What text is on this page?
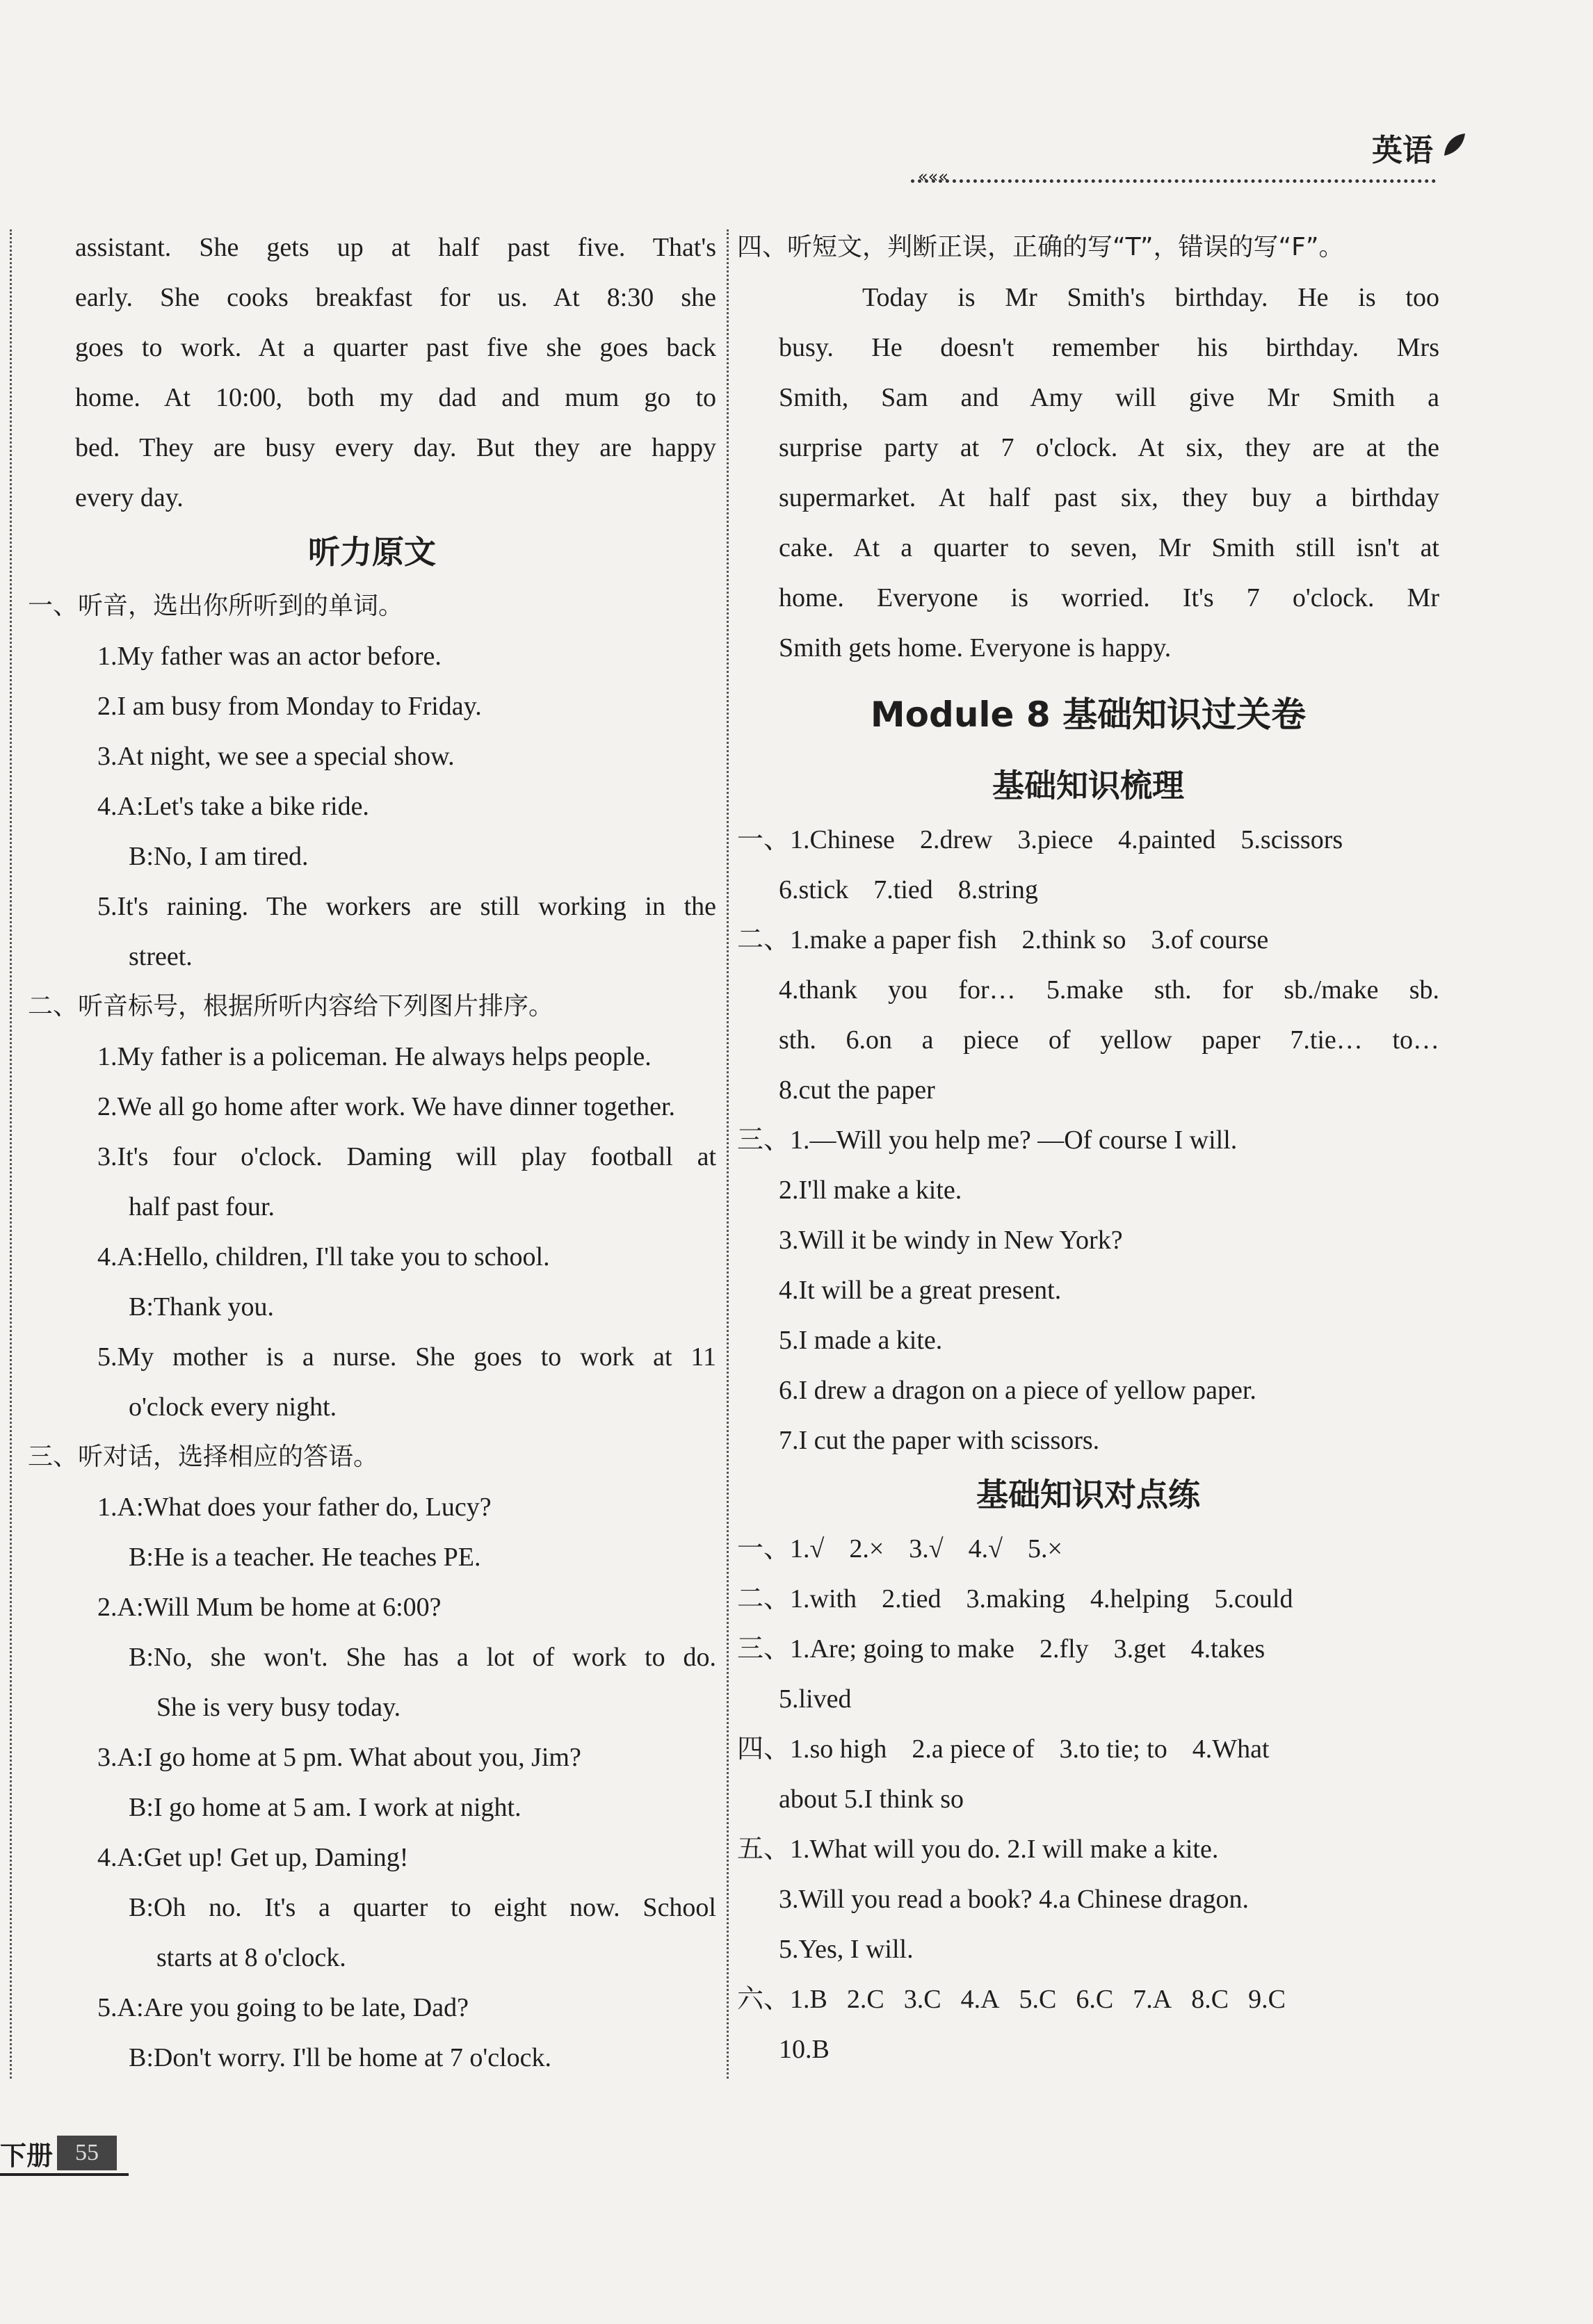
英语
«««

assistant. She gets up at half past five. That's

early. She cooks breakfast for us. At 8:30 she

goes to work. At a quarter past five she goes back

home. At 10:00, both my dad and mum go to

bed. They are busy every day. But they are happy

every day.

听力原文

一、听音，选出你所听到的单词。

1.My father was an actor before.

2.I am busy from Monday to Friday.

3.At night, we see a special show.

4.A:Let's take a bike ride.

B:No, I am tired.

5.It's raining. The workers are still working in the

street.

二、听音标号，根据所听内容给下列图片排序。

1.My father is a policeman. He always helps people.

2.We all go home after work. We have dinner together.

3.It's four o'clock. Daming will play football at

half past four.

4.A:Hello, children, I'll take you to school.

B:Thank you.

5.My mother is a nurse. She goes to work at 11

o'clock every night.

三、听对话，选择相应的答语。

1.A:What does your father do, Lucy?

B:He is a teacher. He teaches PE.

2.A:Will Mum be home at 6:00?

B:No, she won't. She has a lot of work to do.

She is very busy today.

3.A:I go home at 5 pm. What about you, Jim?

B:I go home at 5 am. I work at night.

4.A:Get up! Get up, Daming!

B:Oh no. It's a quarter to eight now. School

starts at 8 o'clock.

5.A:Are you going to be late, Dad?

B:Don't worry. I'll be home at 7 o'clock.

四、听短文，判断正误，正确的写“T”，错误的写“F”。

Today is Mr Smith's birthday. He is too

busy. He doesn't remember his birthday. Mrs

Smith, Sam and Amy will give Mr Smith a

surprise party at 7 o'clock. At six, they are at the

supermarket. At half past six, they buy a birthday

cake. At a quarter to seven, Mr Smith still isn't at

home. Everyone is worried. It's 7 o'clock. Mr

Smith gets home. Everyone is happy.

Module 8 基础知识过关卷
基础知识梳理

一、1.Chinese 2.drew 3.piece 4.painted 5.scissors

6.stick 7.tied 8.string

二、1.make a paper fish 2.think so 3.of course

4.thank you for… 5.make sth. for sb./make sb.

sth. 6.on a piece of yellow paper 7.tie… to…

8.cut the paper

三、1.—Will you help me? —Of course I will.

2.I'll make a kite.

3.Will it be windy in New York?

4.It will be a great present.

5.I made a kite.

6.I drew a dragon on a piece of yellow paper.

7.I cut the paper with scissors.

基础知识对点练

一、1.√ 2.× 3.√ 4.√ 5.×

二、1.with 2.tied 3.making 4.helping 5.could

三、1.Are; going to make 2.fly 3.get 4.takes

5.lived

四、1.so high 2.a piece of 3.to tie; to 4.What

about 5.I think so

五、1.What will you do. 2.I will make a kite.

3.Will you read a book? 4.a Chinese dragon.

5.Yes, I will.

六、1.B 2.C 3.C 4.A 5.C 6.C 7.A 8.C 9.C

10.B

下册 55
